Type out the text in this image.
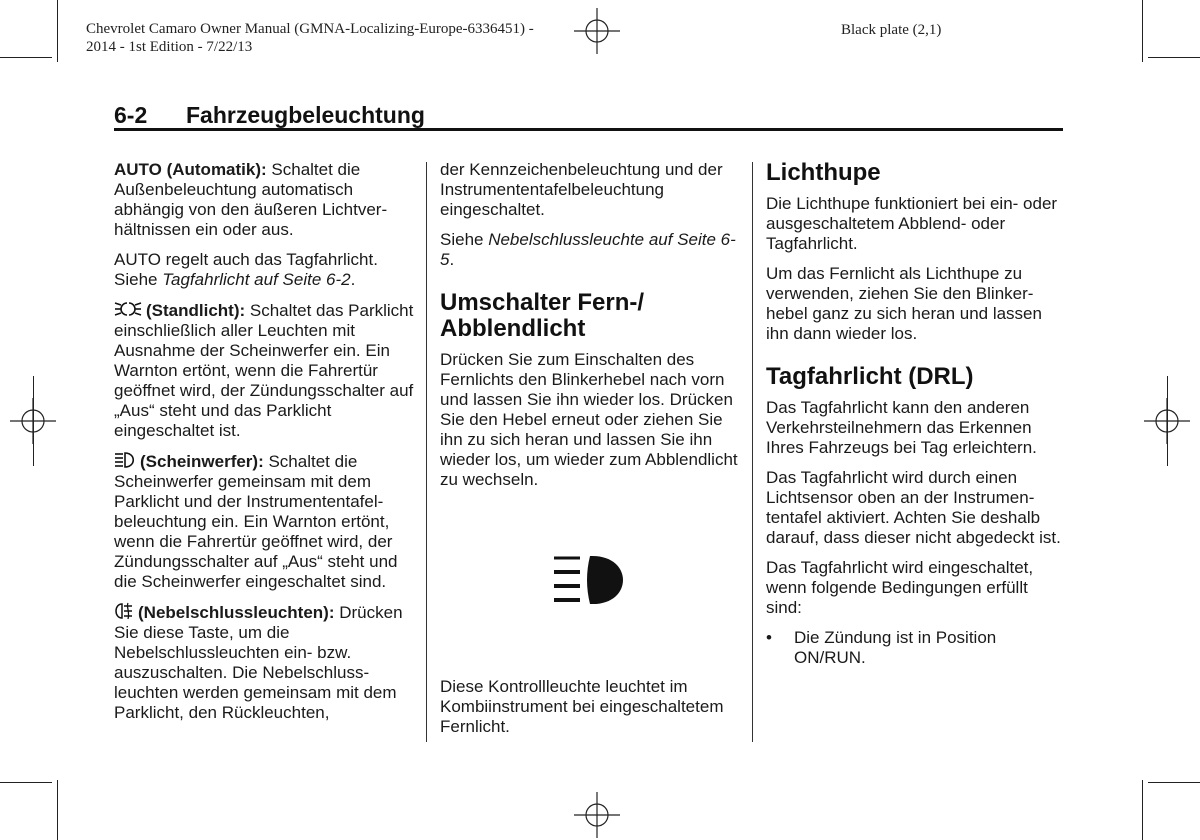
Chevrolet Camaro Owner Manual (GMNA-Localizing-Europe-6336451) -
2014 - 1st Edition - 7/22/13
Black plate (2,1)
6-2 Fahrzeugbeleuchtung

AUTO (Automatik): Schaltet die Außenbeleuchtung automatisch abhängig von den äußeren Lichtverhältnissen ein oder aus.

AUTO regelt auch das Tagfahrlicht. Siehe Tagfahrlicht auf Seite 6-2.

(Standlicht): Schaltet das Parklicht einschließlich aller Leuchten mit Ausnahme der Scheinwerfer ein. Ein Warnton ertönt, wenn die Fahrertür geöffnet wird, der Zündungsschalter auf „Aus“ steht und das Parklicht eingeschaltet ist.

(Scheinwerfer): Schaltet die Scheinwerfer gemeinsam mit dem Parklicht und der Instrumententafelbeleuchtung ein. Ein Warnton ertönt, wenn die Fahrertür geöffnet wird, der Zündungsschalter auf „Aus“ steht und die Scheinwerfer eingeschaltet sind.

(Nebelschlussleuchten): Drücken Sie diese Taste, um die Nebelschlussleuchten ein- bzw. auszuschalten. Die Nebelschlussleuchten werden gemeinsam mit dem Parklicht, den Rückleuchten,

der Kennzeichenbeleuchtung und der Instrumententafelbeleuchtung eingeschaltet.

Siehe Nebelschlussleuchte auf Seite 6-5.

Umschalter Fern-/ Abblendlicht

Drücken Sie zum Einschalten des Fernlichts den Blinkerhebel nach vorn und lassen Sie ihn wieder los. Drücken Sie den Hebel erneut oder ziehen Sie ihn zu sich heran und lassen Sie ihn wieder los, um wieder zum Abblendlicht zu wechseln.

Diese Kontrollleuchte leuchtet im Kombiinstrument bei eingeschaltetem Fernlicht.

Lichthupe

Die Lichthupe funktioniert bei ein- oder ausgeschaltetem Abblend- oder Tagfahrlicht.

Um das Fernlicht als Lichthupe zu verwenden, ziehen Sie den Blinkerhebel ganz zu sich heran und lassen ihn dann wieder los.

Tagfahrlicht (DRL)

Das Tagfahrlicht kann den anderen Verkehrsteilnehmern das Erkennen Ihres Fahrzeugs bei Tag erleichtern.

Das Tagfahrlicht wird durch einen Lichtsensor oben an der Instrumententafel aktiviert. Achten Sie deshalb darauf, dass dieser nicht abgedeckt ist.

Das Tagfahrlicht wird eingeschaltet, wenn folgende Bedingungen erfüllt sind:

• Die Zündung ist in Position ON/RUN.
